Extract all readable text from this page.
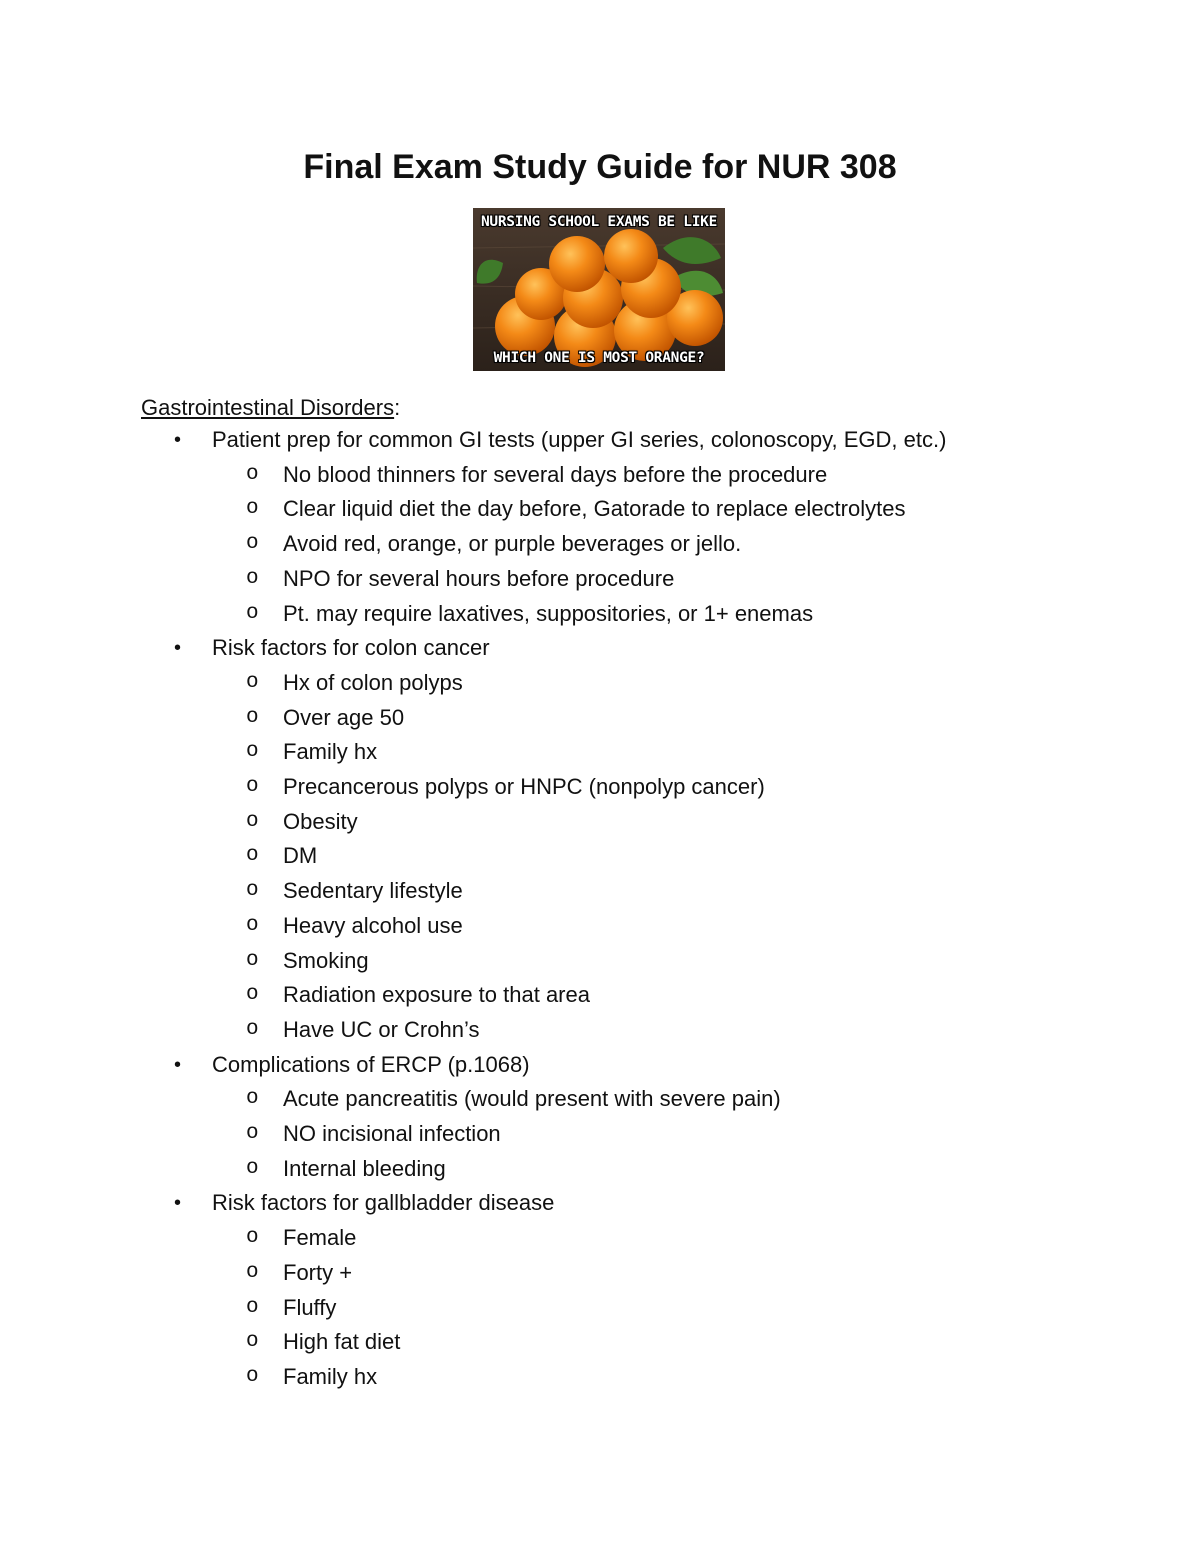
Final Exam Study Guide for NUR 308
NURSING SCHOOL EXAMS BE LIKE
WHICH ONE IS MOST ORANGE?
Gastrointestinal Disorders:
• Patient prep for common GI tests (upper GI series, colonoscopy, EGD, etc.)
o No blood thinners for several days before the procedure
o Clear liquid diet the day before, Gatorade to replace electrolytes
o Avoid red, orange, or purple beverages or jello.
o NPO for several hours before procedure
o Pt. may require laxatives, suppositories, or 1+ enemas
• Risk factors for colon cancer
o Hx of colon polyps
o Over age 50
o Family hx
o Precancerous polyps or HNPC (nonpolyp cancer)
o Obesity
o DM
o Sedentary lifestyle
o Heavy alcohol use
o Smoking
o Radiation exposure to that area
o Have UC or Crohn’s
• Complications of ERCP (p.1068)
o Acute pancreatitis (would present with severe pain)
o NO incisional infection
o Internal bleeding
• Risk factors for gallbladder disease
o Female
o Forty +
o Fluffy
o High fat diet
o Family hx
